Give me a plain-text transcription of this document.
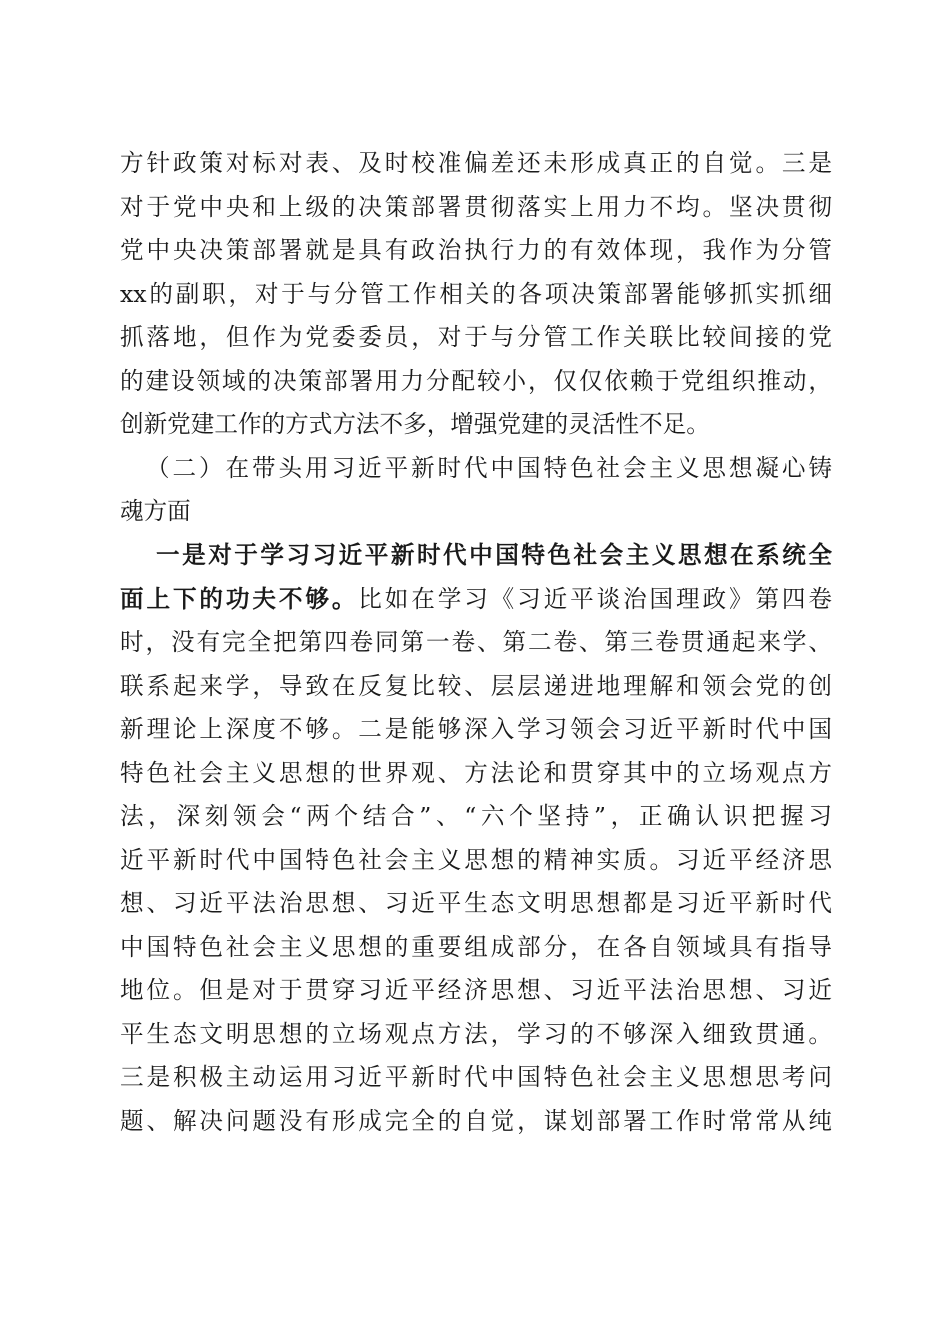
方针政策对标对表、及时校准偏差还未形成真正的自觉。三是
对于党中央和上级的决策部署贯彻落实上用力不均。坚决贯彻
党中央决策部署就是具有政治执行力的有效体现，我作为分管
xx的副职，对于与分管工作相关的各项决策部署能够抓实抓细
抓落地，但作为党委委员，对于与分管工作关联比较间接的党
的建设领域的决策部署用力分配较小，仅仅依赖于党组织推动，
创新党建工作的方式方法不多，增强党建的灵活性不足。
（二）在带头用习近平新时代中国特色社会主义思想凝心铸
魂方面
一是对于学习习近平新时代中国特色社会主义思想在系统全
面上下的功夫不够。比如在学习《习近平谈治国理政》第四卷
时，没有完全把第四卷同第一卷、第二卷、第三卷贯通起来学、
联系起来学，导致在反复比较、层层递进地理解和领会党的创
新理论上深度不够。二是能够深入学习领会习近平新时代中国
特色社会主义思想的世界观、方法论和贯穿其中的立场观点方
法，深刻领会“两个结合”、“六个坚持”，正确认识把握习
近平新时代中国特色社会主义思想的精神实质。习近平经济思
想、习近平法治思想、习近平生态文明思想都是习近平新时代
中国特色社会主义思想的重要组成部分，在各自领域具有指导
地位。但是对于贯穿习近平经济思想、习近平法治思想、习近
平生态文明思想的立场观点方法，学习的不够深入细致贯通。
三是积极主动运用习近平新时代中国特色社会主义思想思考问
题、解决问题没有形成完全的自觉，谋划部署工作时常常从纯
